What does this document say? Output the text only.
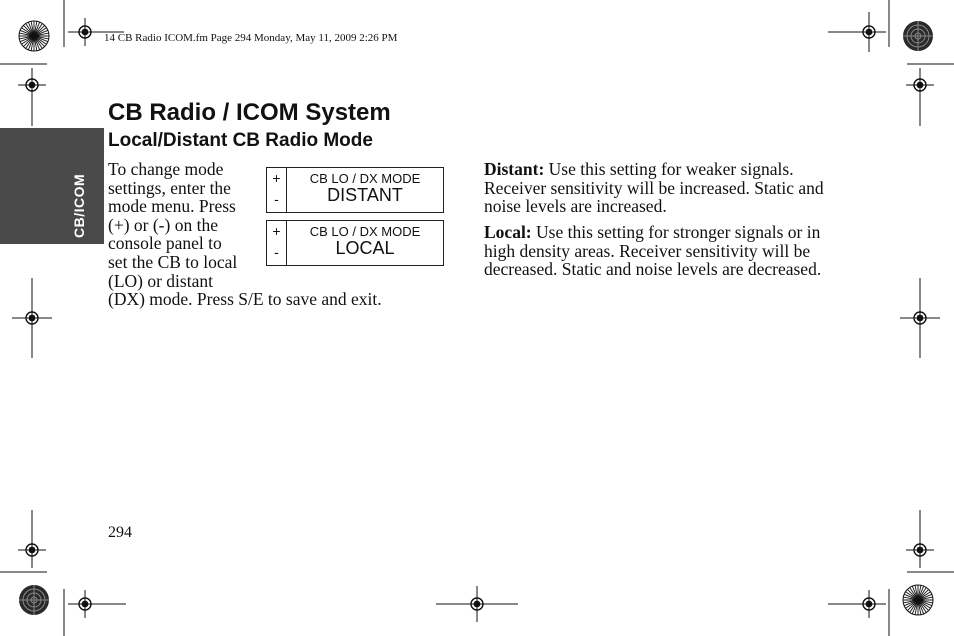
14 CB Radio ICOM.fm Page 294 Monday, May 11, 2009 2:26 PM
CB/ICOM
CB Radio / ICOM System
Local/Distant CB Radio Mode

To change mode
settings, enter the
mode menu. Press
(+) or (-) on the
console panel to
set the CB to local
(LO) or distant

(DX) mode. Press S/E to save and exit.

+
-
CB LO / DX MODE
DISTANT
+
-
CB LO / DX MODE
LOCAL

Distant: Use this setting for weaker signals. Receiver sensitivity will be increased. Static and noise levels are increased.

Local: Use this setting for stronger signals or in high density areas. Receiver sensitivity will be decreased. Static and noise levels are decreased.

294
